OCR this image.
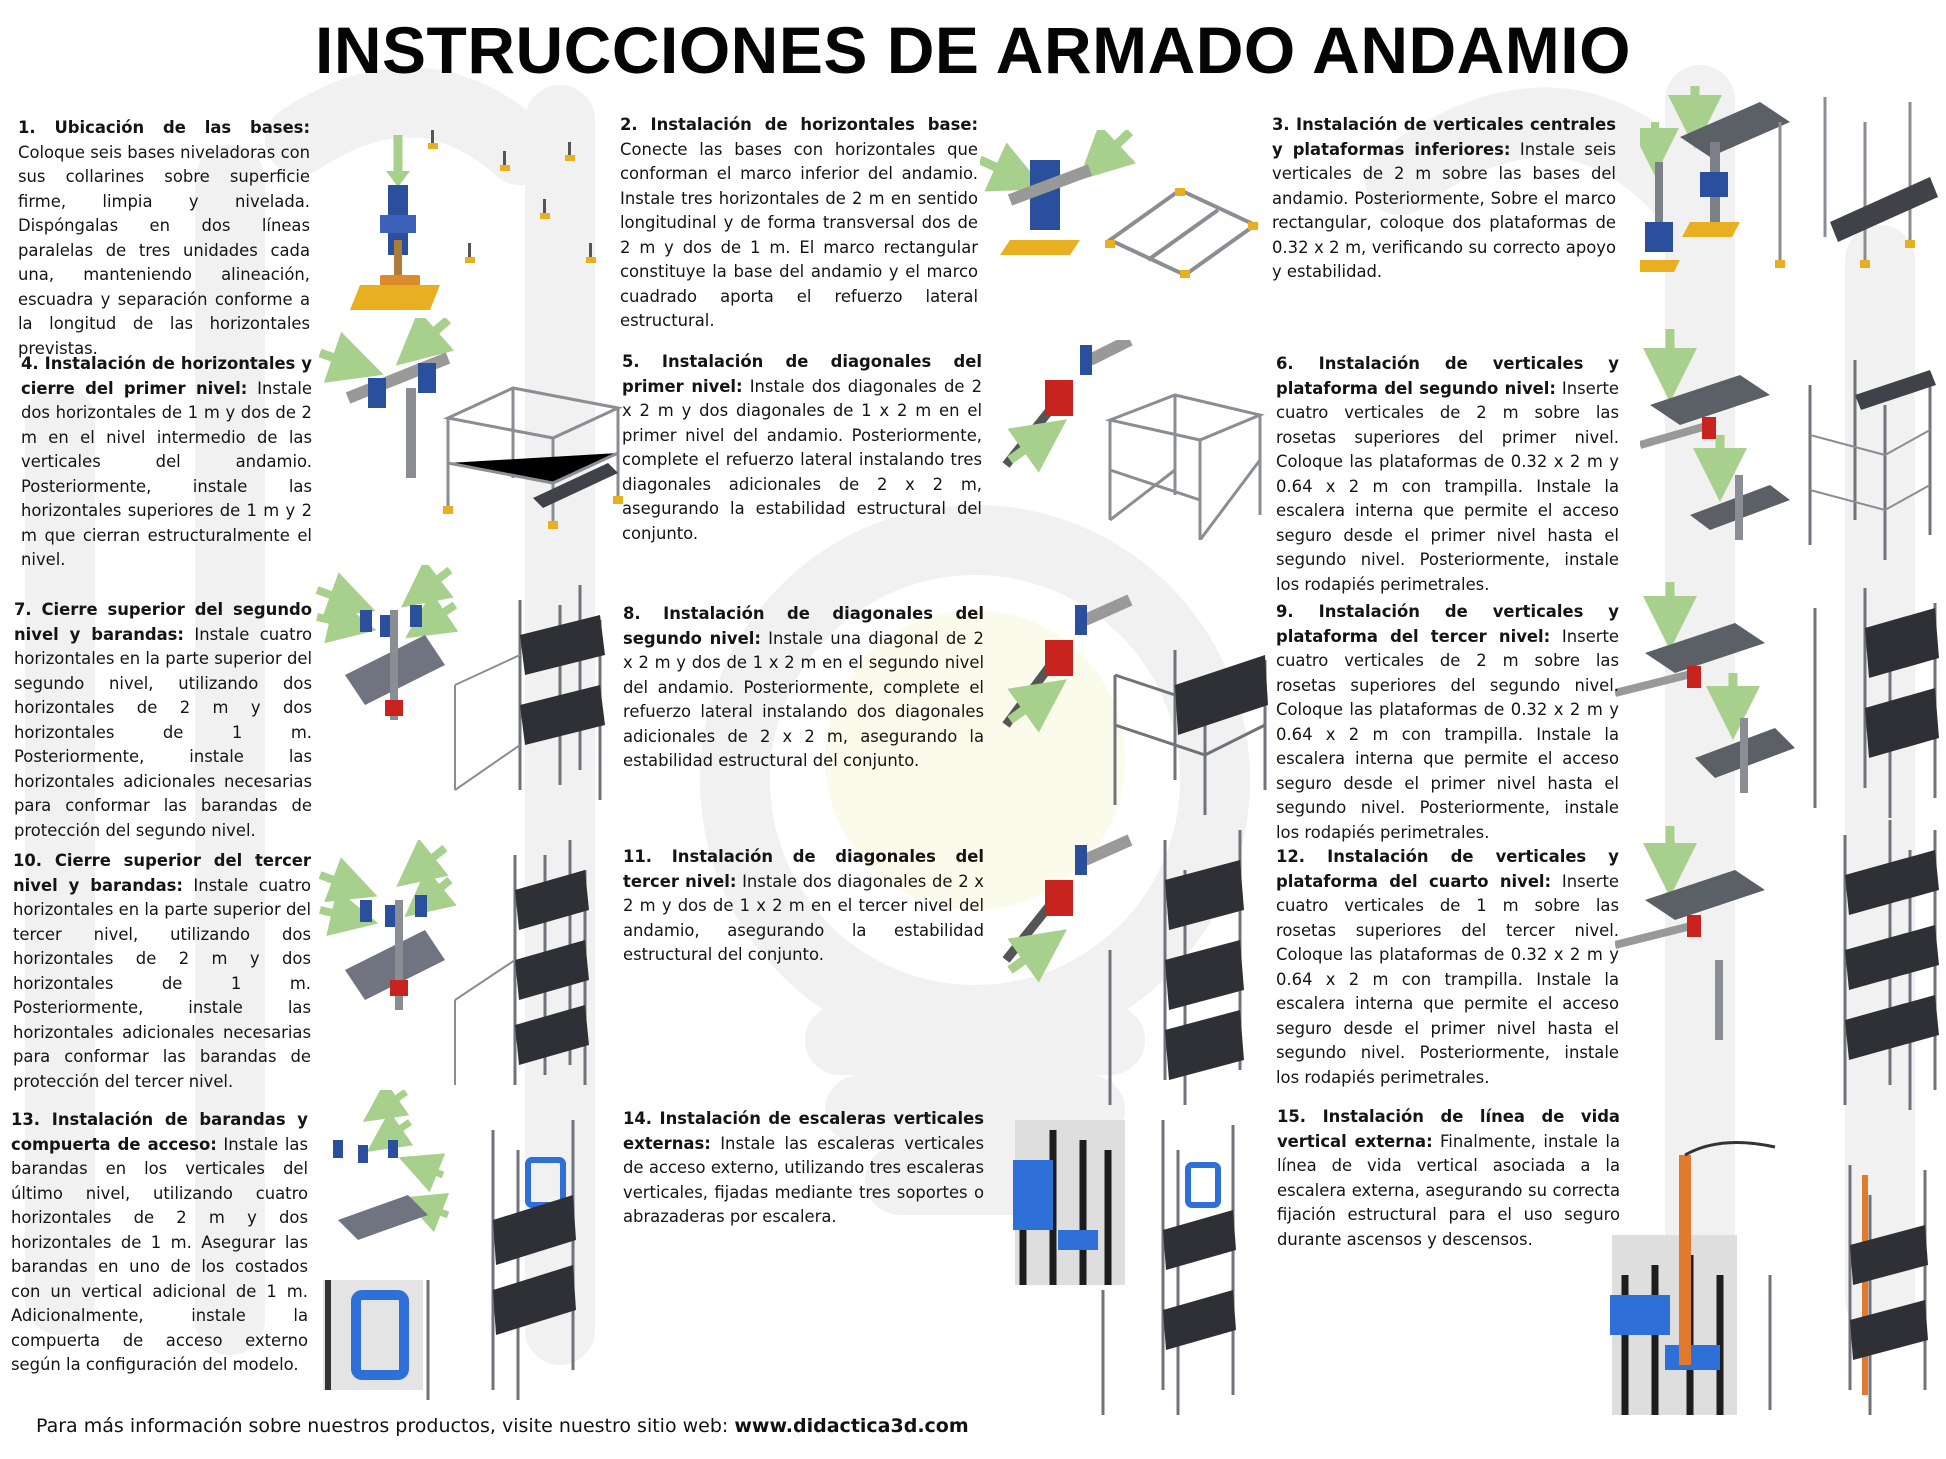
INSTRUCCIONES DE ARMADO ANDAMIO
1. Ubicación de las bases: Coloque seis bases niveladoras con sus collarines sobre superficie firme, limpia y nivelada. Dispóngalas en dos líneas paralelas de tres unidades cada una, manteniendo alineación, escuadra y separación conforme a la longitud de las horizontales previstas.
2. Instalación de horizontales base: Conecte las bases con horizontales que conforman el marco inferior del andamio. Instale tres horizontales de 2 m en sentido longitudinal y de forma transversal dos de 2 m y dos de 1 m. El marco rectangular constituye la base del andamio y el marco cuadrado aporta el refuerzo lateral estructural.
3. Instalación de verticales centrales y plataformas inferiores: Instale seis verticales de 2 m sobre las bases del andamio. Posteriormente, Sobre el marco rectangular, coloque dos plataformas de 0.32 x 2 m, verificando su correcto apoyo y estabilidad.
4. Instalación de horizontales y cierre del primer nivel: Instale dos horizontales de 1 m y dos de 2 m en el nivel intermedio de las verticales del andamio. Posteriormente, instale las horizontales superiores de 1 m y 2 m que cierran estructuralmente el nivel.
5. Instalación de diagonales del primer nivel: Instale dos diagonales de 2 x 2 m y dos diagonales de 1 x 2 m en el primer nivel del andamio. Posteriormente, complete el refuerzo lateral instalando tres diagonales adicionales de 2 x 2 m, asegurando la estabilidad estructural del conjunto.
6. Instalación de verticales y plataforma del segundo nivel: Inserte cuatro verticales de 2 m sobre las rosetas superiores del primer nivel. Coloque las plataformas de 0.32 x 2 m y 0.64 x 2 m con trampilla. Instale la escalera interna que permite el acceso seguro desde el primer nivel hasta el segundo nivel. Posteriormente, instale los rodapiés perimetrales.
7. Cierre superior del segundo nivel y barandas: Instale cuatro horizontales en la parte superior del segundo nivel, utilizando dos horizontales de 2 m y dos horizontales de 1 m. Posteriormente, instale las horizontales adicionales necesarias para conformar las barandas de protección del segundo nivel.
8. Instalación de diagonales del segundo nivel: Instale una diagonal de 2 x 2 m y dos de 1 x 2 m en el segundo nivel del andamio. Posteriormente, complete el refuerzo lateral instalando dos diagonales adicionales de 2 x 2 m, asegurando la estabilidad estructural del conjunto.
9. Instalación de verticales y plataforma del tercer nivel: Inserte cuatro verticales de 2 m sobre las rosetas superiores del segundo nivel. Coloque las plataformas de 0.32 x 2 m y 0.64 x 2 m con trampilla. Instale la escalera interna que permite el acceso seguro desde el primer nivel hasta el segundo nivel. Posteriormente, instale los rodapiés perimetrales.
10. Cierre superior del tercer nivel y barandas: Instale cuatro horizontales en la parte superior del tercer nivel, utilizando dos horizontales de 2 m y dos horizontales de 1 m. Posteriormente, instale las horizontales adicionales necesarias para conformar las barandas de protección del tercer nivel.
11. Instalación de diagonales del tercer nivel: Instale dos diagonales de 2 x 2 m y dos de 1 x 2 m en el tercer nivel del andamio, asegurando la estabilidad estructural del conjunto.
12. Instalación de verticales y plataforma del cuarto nivel: Inserte cuatro verticales de 1 m sobre las rosetas superiores del tercer nivel. Coloque las plataformas de 0.32 x 2 m y 0.64 x 2 m con trampilla. Instale la escalera interna que permite el acceso seguro desde el primer nivel hasta el segundo nivel. Posteriormente, instale los rodapiés perimetrales.
13. Instalación de barandas y compuerta de acceso: Instale las barandas en los verticales del último nivel, utilizando cuatro horizontales de 2 m y dos horizontales de 1 m. Asegurar las barandas en uno de los costados con un vertical adicional de 1 m. Adicionalmente, instale la compuerta de acceso externo según la configuración del modelo.
14. Instalación de escaleras verticales externas: Instale las escaleras verticales de acceso externo, utilizando tres escaleras verticales, fijadas mediante tres soportes o abrazaderas por escalera.
15. Instalación de línea de vida vertical externa: Finalmente, instale la línea de vida vertical asociada a la escalera externa, asegurando su correcta fijación estructural para el uso seguro durante ascensos y descensos.
Para más información sobre nuestros productos, visite nuestro sitio web: www.didactica3d.com
